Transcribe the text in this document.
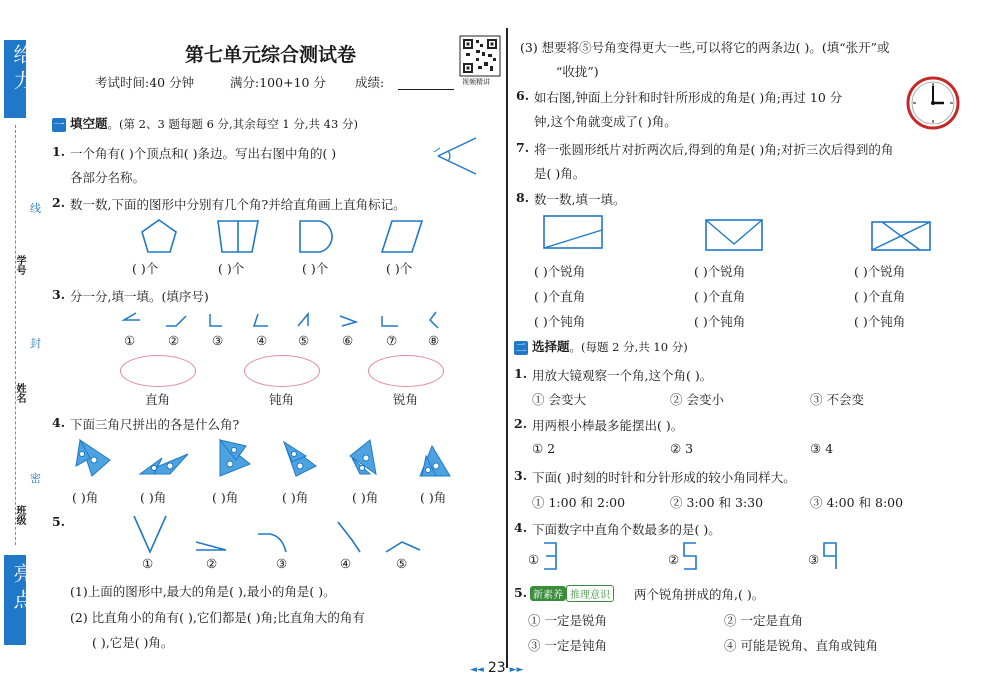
给力
线
封
密
学号
姓名
班级
亮点
第七单元综合测试卷
考试时间:40 分钟	满分:100+10 分 成绩:	视频精讲
一 填空题。(第 2、3 题每题 6 分,其余每空 1 分,共 43 分)
1. 一个角有( )个顶点和( )条边。写出右图中角的( )
各部分名称。
2. 数一数,下面的图形中分别有几个角?并给直角画上直角标记。
( )个	( )个	( )个	( )个
3. 分一分,填一填。(填序号)
①	②	③	④ ⑤	⑥	⑦ ⑧
直角	钝角	锐角
4. 下面三角尺拼出的各是什么角?
( )角	( )角	( )角	( )角	( )角	( )角
5.
①	②	③	④	⑤
(1)上面的图形中,最大的角是( ),最小的角是( )。
(2) 比直角小的角有( ),它们都是( )角;比直角大的角有
( ),它是( )角。
(3) 想要将⑤号角变得更大一些,可以将它的两条边( )。(填“张开”或
“收拢”)
6. 如右图,钟面上分针和时针所形成的角是( )角;再过 10 分
钟,这个角就变成了( )角。
7. 将一张圆形纸片对折两次后,得到的角是( )角;对折三次后得到的角
是( )角。
8. 数一数,填一填。
( )个锐角
( )个直角
( )个钝角
( )个锐角
( )个直角
( )个钝角
( )个锐角
( )个直角
( )个钝角
二 选择题。(每题 2 分,共 10 分)
1. 用放大镜观察一个角,这个角( )。
① 会变大	② 会变小	③ 不会变
2. 用两根小棒最多能摆出( )。
① 2	② 3	③ 4
3. 下面( )时刻的时针和分针形成的较小角同样大。
① 1:00 和 2:00	② 3:00 和 3:30	③ 4:00 和 8:00
4. 下面数字中直角个数最多的是( )。
①	②	③
5. 新素养 推理意识	两个锐角拼成的角,( )。
① 一定是锐角	② 一定是直角
③ 一定是钝角	④ 可能是锐角、直角或钝角
◄◄ 23 ►►
